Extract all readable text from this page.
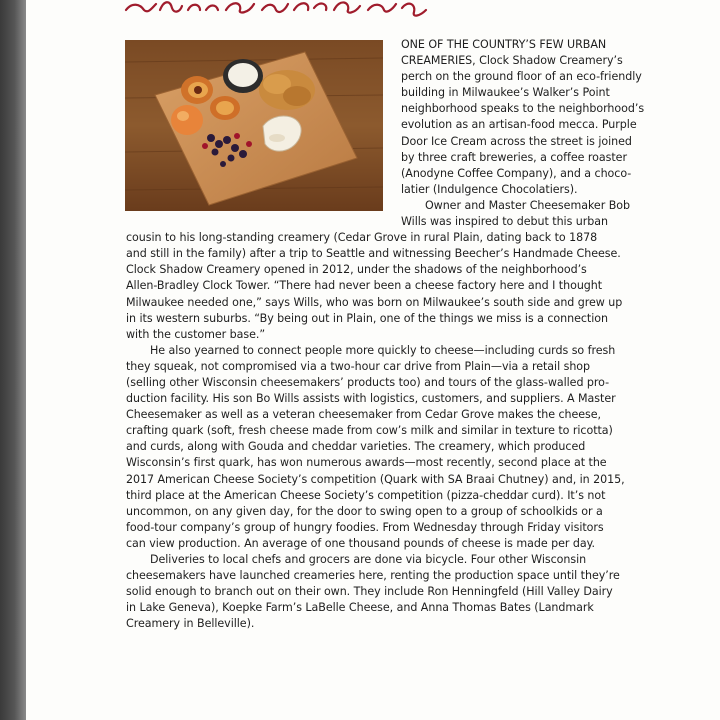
ONE OF THE COUNTRY’S FEW URBAN
CREAMERIES, Clock Shadow Creamery’s
perch on the ground floor of an eco-friendly
building in Milwaukee’s Walker’s Point
neighborhood speaks to the neighborhood’s
evolution as an artisan-food mecca. Purple
Door Ice Cream across the street is joined
by three craft breweries, a coffee roaster
(Anodyne Coffee Company), and a choco-
latier (Indulgence Chocolatiers).
Owner and Master Cheesemaker Bob
Wills was inspired to debut this urban
cousin to his long-standing creamery (Cedar Grove in rural Plain, dating back to 1878
and still in the family) after a trip to Seattle and witnessing Beecher’s Handmade Cheese.
Clock Shadow Creamery opened in 2012, under the shadows of the neighborhood’s
Allen-Bradley Clock Tower. “There had never been a cheese factory here and I thought
Milwaukee needed one,” says Wills, who was born on Milwaukee’s south side and grew up
in its western suburbs. “By being out in Plain, one of the things we miss is a connection
with the customer base.”
He also yearned to connect people more quickly to cheese—including curds so fresh
they squeak, not compromised via a two-hour car drive from Plain—via a retail shop
(selling other Wisconsin cheesemakers’ products too) and tours of the glass-walled pro-
duction facility. His son Bo Wills assists with logistics, customers, and suppliers. A Master
Cheesemaker as well as a veteran cheesemaker from Cedar Grove makes the cheese,
crafting quark (soft, fresh cheese made from cow’s milk and similar in texture to ricotta)
and curds, along with Gouda and cheddar varieties. The creamery, which produced
Wisconsin’s first quark, has won numerous awards—most recently, second place at the
2017 American Cheese Society’s competition (Quark with SA Braai Chutney) and, in 2015,
third place at the American Cheese Society’s competition (pizza-cheddar curd). It’s not
uncommon, on any given day, for the door to swing open to a group of schoolkids or a
food-tour company’s group of hungry foodies. From Wednesday through Friday visitors
can view production. An average of one thousand pounds of cheese is made per day.
Deliveries to local chefs and grocers are done via bicycle. Four other Wisconsin
cheesemakers have launched creameries here, renting the production space until they’re
solid enough to branch out on their own. They include Ron Henningfeld (Hill Valley Dairy
in Lake Geneva), Koepke Farm’s LaBelle Cheese, and Anna Thomas Bates (Landmark
Creamery in Belleville).
